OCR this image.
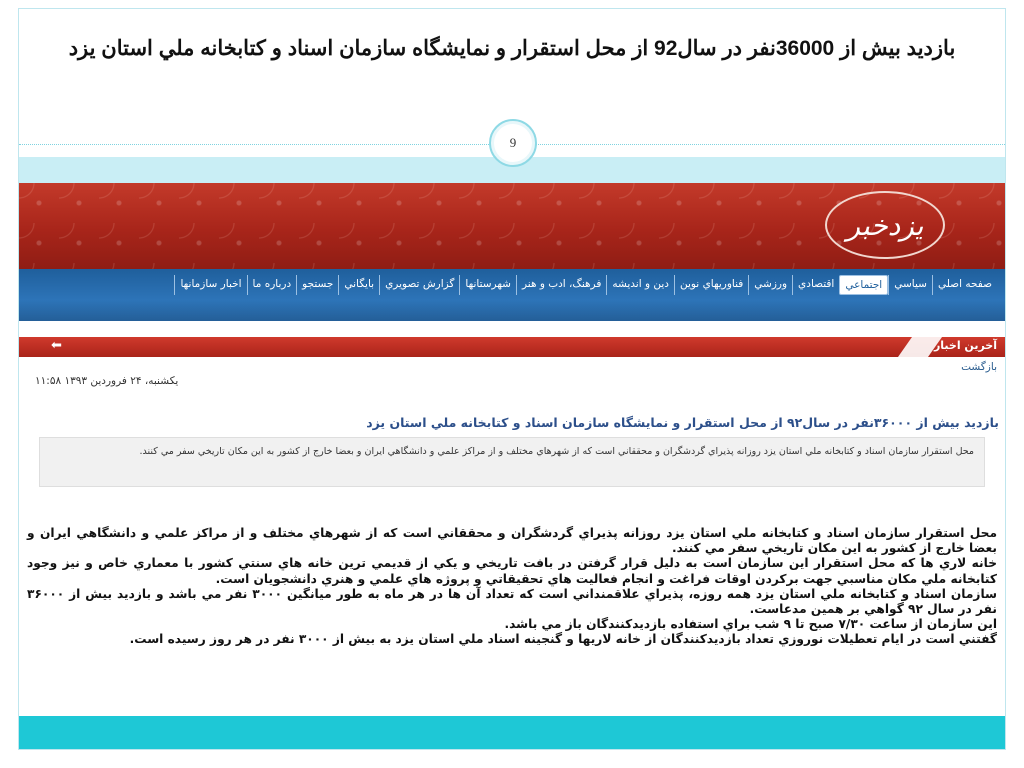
بازديد بيش از 36000نفر در سال92 از محل استقرار و نمايشگاه سازمان اسناد و كتابخانه ملي استان يزد
9
یزدخبر
صفحه اصلي
سياسي
اجتماعي
اقتصادي
ورزشي
فناوريهاي نوين
دين و انديشه
فرهنگ، ادب و هنر
شهرستانها
گزارش تصويري
بايگاني
جستجو
درباره ما
اخبار سازمانها
آخرين اخبار
⬅
بازگشت
يكشنبه، ۲۴ فروردين ۱۳۹۳ ۱۱:۵۸
بازديد بيش از ۳۶۰۰۰نفر در سال۹۲ از محل استقرار و نمايشگاه سازمان اسناد و كتابخانه ملي استان يزد
محل استقرار سازمان اسناد و كتابخانه ملي استان يزد روزانه پذيراي گردشگران و محققاني است كه از شهرهاي مختلف و از مراكز علمي و دانشگاهي ايران و بعضا خارج از كشور به اين مكان تاريخي سفر مي كنند.

محل استقرار سازمان اسناد و كتابخانه ملي استان يزد روزانه پذيراي گردشگران و محققاني است كه از شهرهاي مختلف و از مراكز علمي و دانشگاهي ايران و بعضا خارج از كشور به اين مكان تاريخي سفر مي كنند.

خانه لاري ها كه محل استقرار اين سازمان است به دليل قرار گرفتن در بافت تاريخي و يكي از قديمي ترين خانه هاي سنتي كشور با معماري خاص و نيز وجود كتابخانه ملي مكان مناسبي جهت بركردن اوقات فراغت و انجام فعاليت هاي تحقيقاتي و پروژه هاي علمي و هنري دانشجويان است.

سازمان اسناد و كتابخانه ملي استان يزد همه روزه، پذيراي علاقمنداني است كه تعداد آن ها در هر ماه به طور ميانگين ۳۰۰۰ نفر مي باشد و بازديد بيش از ۳۶۰۰۰ نفر در سال ۹۲ گواهي بر همين مدعاست.

اين سازمان از ساعت ۷/۳۰ صبح تا ۹ شب براي استفاده بازديدكنندگان باز مي باشد.

گفتني است در ايام تعطيلات نوروزي تعداد بازديدكنندگان از خانه لاريها و گنجينه اسناد ملي استان يزد به بيش از ۳۰۰۰ نفر در هر روز رسيده است.
